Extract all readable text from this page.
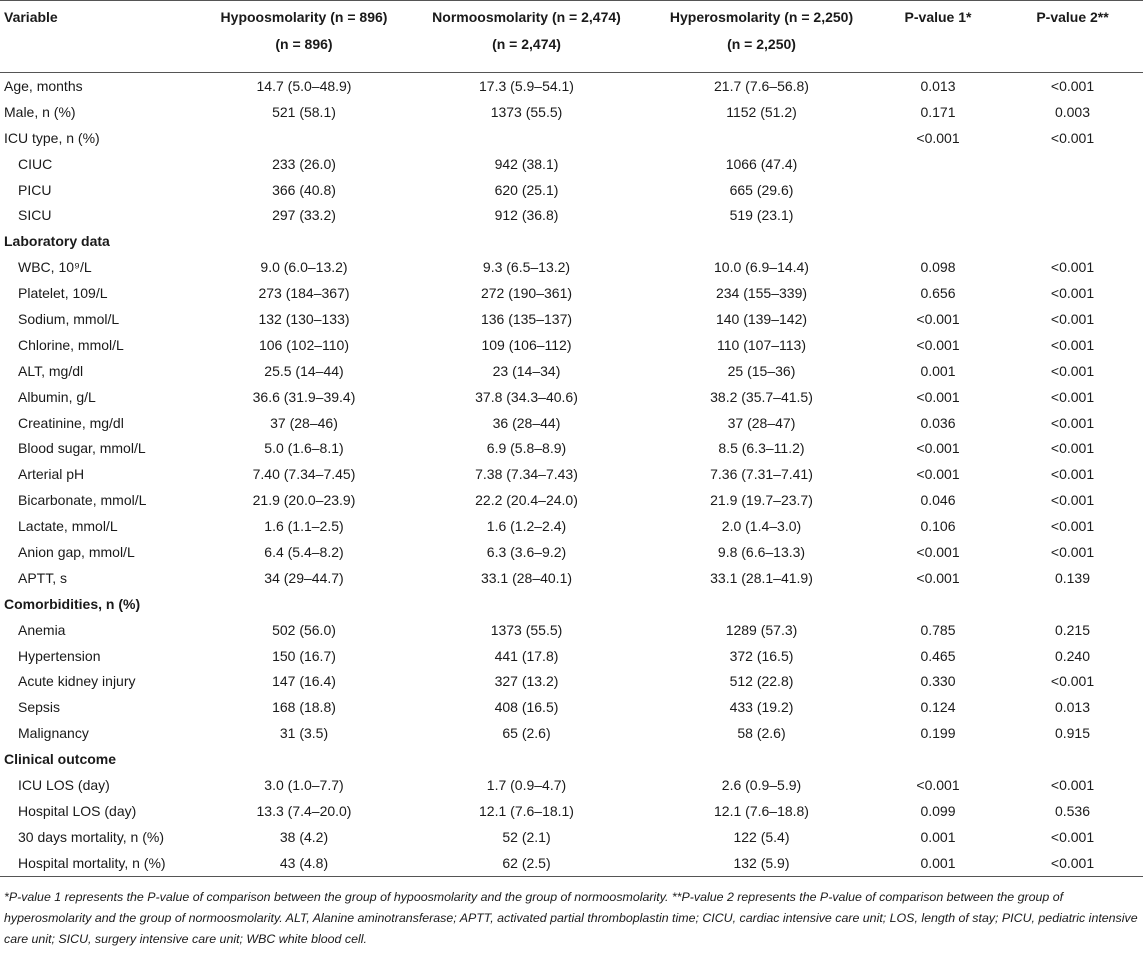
Variable	Hypoosmolarity (n = 896)	Normoosmolarity (n = 2,474)	Hyperosmolarity (n = 2,250)	P-value 1*	P-value 2**
	(n = 896)	(n = 2,474)	(n = 2,250)		
Age, months	14.7 (5.0–48.9)	17.3 (5.9–54.1)	21.7 (7.6–56.8)	0.013	<0.001
Male, n (%)	521 (58.1)	1373 (55.5)	1152 (51.2)	0.171	0.003
ICU type, n (%)				<0.001	<0.001
CIUC	233 (26.0)	942 (38.1)	1066 (47.4)		
PICU	366 (40.8)	620 (25.1)	665 (29.6)		
SICU	297 (33.2)	912 (36.8)	519 (23.1)		
Laboratory data					
WBC, 10⁹/L	9.0 (6.0–13.2)	9.3 (6.5–13.2)	10.0 (6.9–14.4)	0.098	<0.001
Platelet, 109/L	273 (184–367)	272 (190–361)	234 (155–339)	0.656	<0.001
Sodium, mmol/L	132 (130–133)	136 (135–137)	140 (139–142)	<0.001	<0.001
Chlorine, mmol/L	106 (102–110)	109 (106–112)	110 (107–113)	<0.001	<0.001
ALT, mg/dl	25.5 (14–44)	23 (14–34)	25 (15–36)	0.001	<0.001
Albumin, g/L	36.6 (31.9–39.4)	37.8 (34.3–40.6)	38.2 (35.7–41.5)	<0.001	<0.001
Creatinine, mg/dl	37 (28–46)	36 (28–44)	37 (28–47)	0.036	<0.001
Blood sugar, mmol/L	5.0 (1.6–8.1)	6.9 (5.8–8.9)	8.5 (6.3–11.2)	<0.001	<0.001
Arterial pH	7.40 (7.34–7.45)	7.38 (7.34–7.43)	7.36 (7.31–7.41)	<0.001	<0.001
Bicarbonate, mmol/L	21.9 (20.0–23.9)	22.2 (20.4–24.0)	21.9 (19.7–23.7)	0.046	<0.001
Lactate, mmol/L	1.6 (1.1–2.5)	1.6 (1.2–2.4)	2.0 (1.4–3.0)	0.106	<0.001
Anion gap, mmol/L	6.4 (5.4–8.2)	6.3 (3.6–9.2)	9.8 (6.6–13.3)	<0.001	<0.001
APTT, s	34 (29–44.7)	33.1 (28–40.1)	33.1 (28.1–41.9)	<0.001	0.139
Comorbidities, n (%)					
Anemia	502 (56.0)	1373 (55.5)	1289 (57.3)	0.785	0.215
Hypertension	150 (16.7)	441 (17.8)	372 (16.5)	0.465	0.240
Acute kidney injury	147 (16.4)	327 (13.2)	512 (22.8)	0.330	<0.001
Sepsis	168 (18.8)	408 (16.5)	433 (19.2)	0.124	0.013
Malignancy	31 (3.5)	65 (2.6)	58 (2.6)	0.199	0.915
Clinical outcome					
ICU LOS (day)	3.0 (1.0–7.7)	1.7 (0.9–4.7)	2.6 (0.9–5.9)	<0.001	<0.001
Hospital LOS (day)	13.3 (7.4–20.0)	12.1 (7.6–18.1)	12.1 (7.6–18.8)	0.099	0.536
30 days mortality, n (%)	38 (4.2)	52 (2.1)	122 (5.4)	0.001	<0.001
Hospital mortality, n (%)	43 (4.8)	62 (2.5)	132 (5.9)	0.001	<0.001
*P-value 1 represents the P-value of comparison between the group of hypoosmolarity and the group of normoosmolarity. **P-value 2 represents the P-value of comparison between the group of hyperosmolarity and the group of normoosmolarity. ALT, Alanine aminotransferase; APTT, activated partial thromboplastin time; CICU, cardiac intensive care unit; LOS, length of stay; PICU, pediatric intensive care unit; SICU, surgery intensive care unit; WBC white blood cell.
